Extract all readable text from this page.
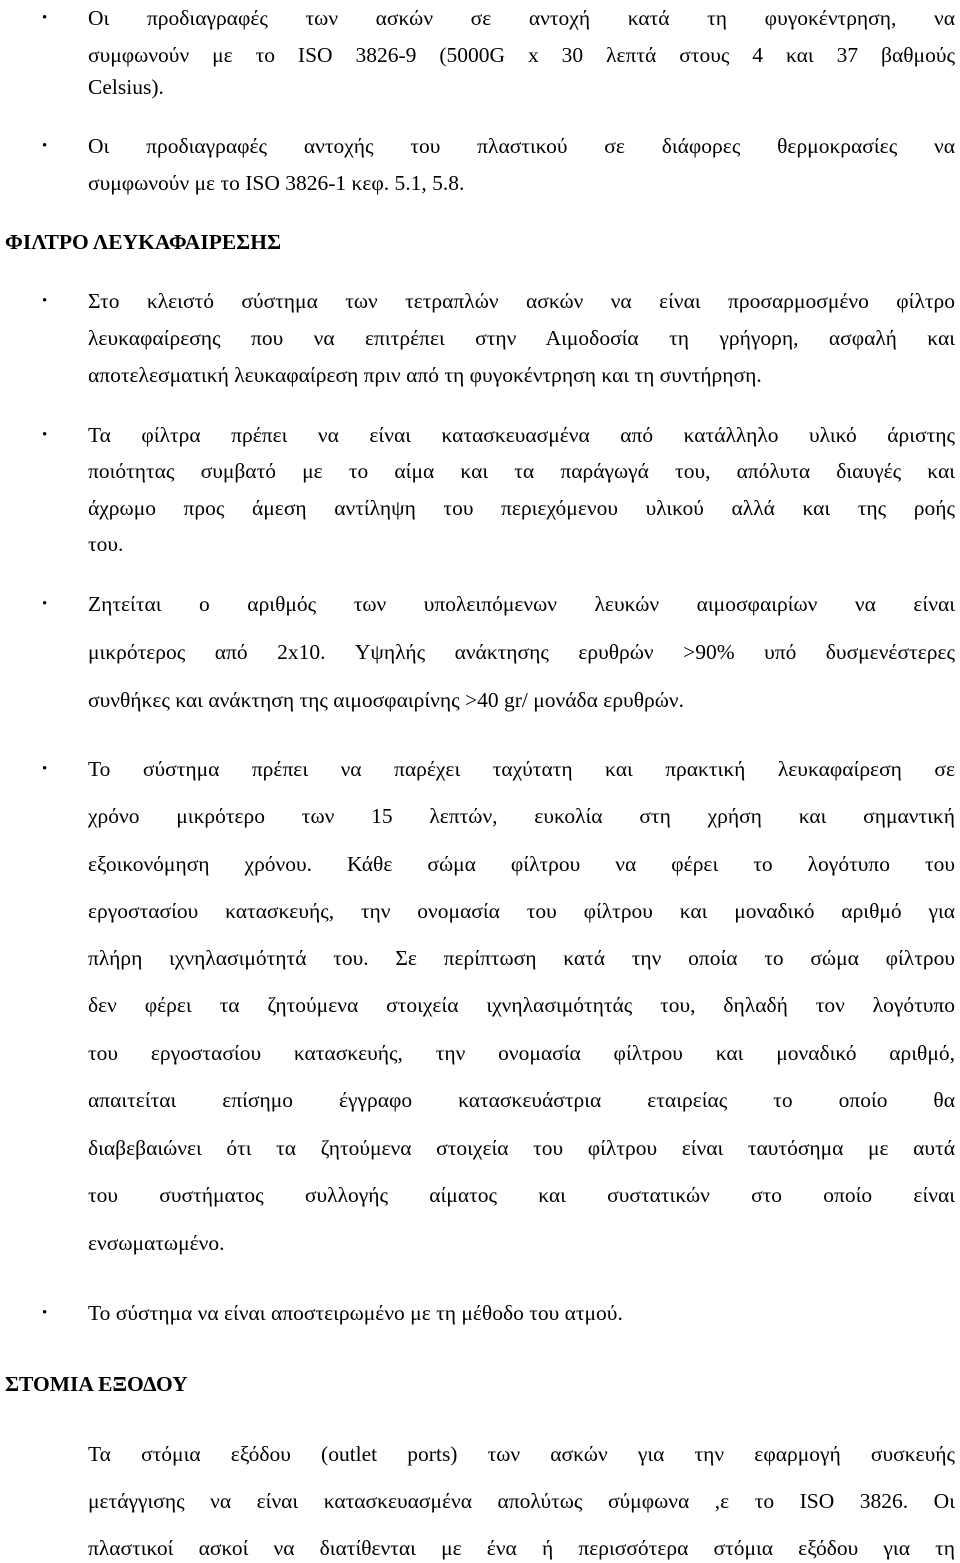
• Οι προδιαγραφές των ασκών σε αντοχή κατά τη φυγοκέντρηση, να
συμφωνούν με το ISO 3826-9 (5000G x 30 λεπτά στους 4 και 37 βαθμούς
Celsius).
• Οι προδιαγραφές αντοχής του πλαστικού σε διάφορες θερμοκρασίες να
συμφωνούν με το ISO 3826-1 κεφ. 5.1, 5.8.
ΦΙΛΤΡΟ ΛΕΥΚΑΦΑΙΡΕΣΗΣ
• Στο κλειστό σύστημα των τετραπλών ασκών να είναι προσαρμοσμένο φίλτρο
λευκαφαίρεσης που να επιτρέπει στην Αιμοδοσία τη γρήγορη, ασφαλή και
αποτελεσματική λευκαφαίρεση πριν από τη φυγοκέντρηση και τη συντήρηση.
• Τα φίλτρα πρέπει να είναι κατασκευασμένα από κατάλληλο υλικό άριστης
ποιότητας συμβατό με το αίμα και τα παράγωγά του, απόλυτα διαυγές και
άχρωμο προς άμεση αντίληψη του περιεχόμενου υλικού αλλά και της ροής
του.
• Ζητείται ο αριθμός των υπολειπόμενων λευκών αιμοσφαιρίων να είναι
μικρότερος από 2x10. Υψηλής ανάκτησης ερυθρών >90% υπό δυσμενέστερες
συνθήκες και ανάκτηση της αιμοσφαιρίνης >40 gr/ μονάδα ερυθρών.
• Το σύστημα πρέπει να παρέχει ταχύτατη και πρακτική λευκαφαίρεση σε
χρόνο μικρότερο των 15 λεπτών, ευκολία στη χρήση και σημαντική
εξοικονόμηση χρόνου. Κάθε σώμα φίλτρου να φέρει το λογότυπο του
εργοστασίου κατασκευής, την ονομασία του φίλτρου και μοναδικό αριθμό για
πλήρη ιχνηλασιμότητά του. Σε περίπτωση κατά την οποία το σώμα φίλτρου
δεν φέρει τα ζητούμενα στοιχεία ιχνηλασιμότητάς του, δηλαδή τον λογότυπο
του εργοστασίου κατασκευής, την ονομασία φίλτρου και μοναδικό αριθμό,
απαιτείται επίσημο έγγραφο κατασκευάστρια εταιρείας το οποίο θα
διαβεβαιώνει ότι τα ζητούμενα στοιχεία του φίλτρου είναι ταυτόσημα με αυτά
του συστήματος συλλογής αίματος και συστατικών στο οποίο είναι
ενσωματωμένο.
• Το σύστημα να είναι αποστειρωμένο με τη μέθοδο του ατμού.
ΣΤΟΜΙΑ ΕΞΟΔΟΥ
Τα στόμια εξόδου (outlet ports) των ασκών για την εφαρμογή συσκευής
μετάγγισης να είναι κατασκευασμένα απολύτως σύμφωνα ,ε το ISO 3826. Οι
πλαστικοί ασκοί να διατίθενται με ένα ή περισσότερα στόμια εξόδου για τη
